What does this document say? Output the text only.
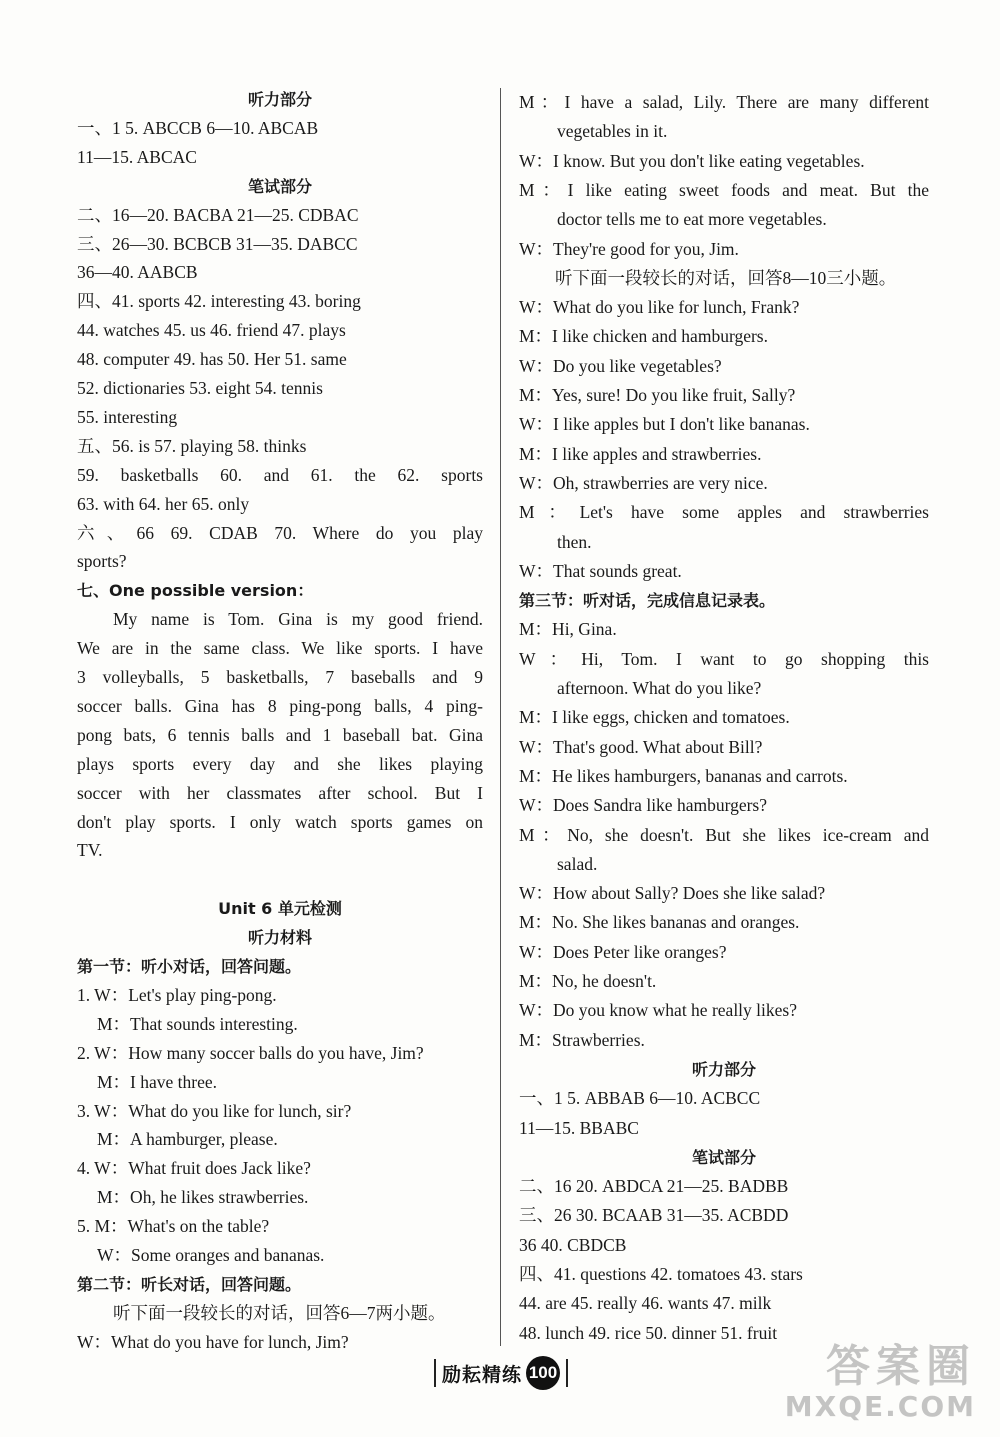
听力部分
一、1 5. ABCCB 6—10. ABCAB
11—15. ABCAC
笔试部分
二、16—20. BACBA 21—25. CDBAC
三、26—30. BCBCB 31—35. DABCC
36—40. AABCB
四、41. sports 42. interesting 43. boring
44. watches 45. us 46. friend 47. plays
48. computer 49. has 50. Her 51. same
52. dictionaries 53. eight 54. tennis
55. interesting
五、56. is 57. playing 58. thinks
59. basketballs 60. and 61. the 62. sports
63. with 64. her 65. only
六、66 69. CDAB 70. Where do you play
sports?
七、One possible version：
My name is Tom. Gina is my good friend.
We are in the same class. We like sports. I have
3 volleyballs, 5 basketballs, 7 baseballs and 9
soccer balls. Gina has 8 ping-pong balls, 4 ping-
pong bats, 6 tennis balls and 1 baseball bat. Gina
plays sports every day and she likes playing
soccer with her classmates after school. But I
don't play sports. I only watch sports games on
TV.
Unit 6 单元检测
听力材料
第一节：听小对话，回答问题。
1. W：Let's play ping-pong.
M：That sounds interesting.
2. W：How many soccer balls do you have, Jim?
M：I have three.
3. W：What do you like for lunch, sir?
M：A hamburger, please.
4. W：What fruit does Jack like?
M：Oh, he likes strawberries.
5. M：What's on the table?
W：Some oranges and bananas.
第二节：听长对话，回答问题。
听下面一段较长的对话，回答6—7两小题。
W：What do you have for lunch, Jim?
M：I have a salad, Lily. There are many different
vegetables in it.
W：I know. But you don't like eating vegetables.
M：I like eating sweet foods and meat. But the
doctor tells me to eat more vegetables.
W：They're good for you, Jim.
听下面一段较长的对话，回答8—10三小题。
W：What do you like for lunch, Frank?
M：I like chicken and hamburgers.
W：Do you like vegetables?
M：Yes, sure! Do you like fruit, Sally?
W：I like apples but I don't like bananas.
M：I like apples and strawberries.
W：Oh, strawberries are very nice.
M：Let's have some apples and strawberries
then.
W：That sounds great.
第三节：听对话，完成信息记录表。
M：Hi, Gina.
W：Hi, Tom. I want to go shopping this
afternoon. What do you like?
M：I like eggs, chicken and tomatoes.
W：That's good. What about Bill?
M：He likes hamburgers, bananas and carrots.
W：Does Sandra like hamburgers?
M：No, she doesn't. But she likes ice-cream and
salad.
W：How about Sally? Does she like salad?
M：No. She likes bananas and oranges.
W：Does Peter like oranges?
M：No, he doesn't.
W：Do you know what he really likes?
M：Strawberries.
听力部分
一、1 5. ABBAB 6—10. ACBCC
11—15. BBABC
笔试部分
二、16 20. ABDCA 21—25. BADBB
三、26 30. BCAAB 31—35. ACBDD
36 40. CBDCB
四、41. questions 42. tomatoes 43. stars
44. are 45. really 46. wants 47. milk
48. lunch 49. rice 50. dinner 51. fruit
励耘精练 100	答案圈
MXQE.COM
